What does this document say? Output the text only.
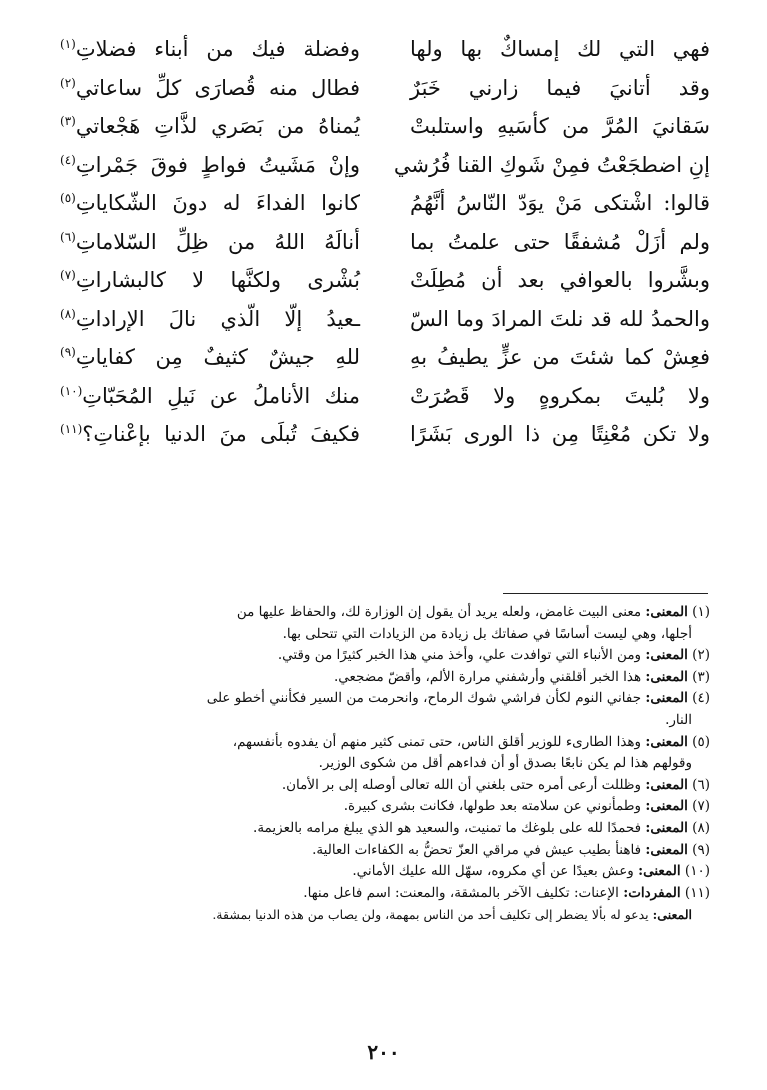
فهي التي لك إمساكٌ بها ولها
وفضلة فيك من أبناء فضلاتِ$^{(١)}$
وقد أتانيَ فيما زارني خَبَرٌ
فطال منه قُصارَى كلِّ ساعاتي$^{(٢)}$
سَقانيَ المُرَّ من كأسَيهِ واستلبتْ
يُمناهُ من بَصَري لذَّاتِ هَجْعاتي$^{(٣)}$
إنِ اضطجَعْتُ فمِنْ شَوكِ القنا فُرُشي
وإنْ مَشَيتُ فواطٍ فوقَ جَمْراتِ$^{(٤)}$
قالوا: اشْتكى مَنْ يوَدّ النّاسُ أنَّهُمُ
كانوا الفداءَ له دونَ الشّكاياتِ$^{(٥)}$
ولم أزَلْ مُشفقًا حتى علمتُ بما
أنالَهُ اللهُ من ظِلِّ السّلاماتِ$^{(٦)}$
وبشَّروا بالعوافي بعد أن مُطِلَتْ
بُشْرى ولكنَّها لا كالبشاراتِ$^{(٧)}$
والحمدُ لله قد نلتَ المرادَ وما السّ
ـعيدُ إلّا الّذي نالَ الإراداتِ$^{(٨)}$
فعِشْ كما شئتَ من عزٍّ يطيفُ بهِ
للهِ جيشٌ كثيفٌ مِن كفاياتِ$^{(٩)}$
ولا بُليتَ بمكروهٍ ولا قَصُرَتْ
منك الأناملُ عن نَيلِ المُحَبّاتِ$^{(١٠)}$
ولا تكن مُعْنِتًا مِن ذا الورى بَشَرًا
فكيفَ تُبلَى منَ الدنيا بإعْناتِ؟$^{(١١)}$

(١) المعنى: معنى البيت غامض، ولعله يريد أن يقول إن الوزارة لك، والحفاظ عليها من
أجلها، وهي ليست أساسًا في صفاتك بل زيادة من الزيادات التي تتحلى بها.

(٢) المعنى: ومن الأنباء التي توافدت علي، وأخذ مني هذا الخبر كثيرًا من وقتي.

(٣) المعنى: هذا الخبر أقلقني وأرشفني مرارة الألم، وأقضّ مضجعي.

(٤) المعنى: جفاني النوم لكأن فراشي شوك الرماح، وانحرمت من السير فكأنني أخطو على
النار.

(٥) المعنى: وهذا الطارىء للوزير أقلق الناس، حتى تمنى كثير منهم أن يفدوه بأنفسهم،
وقولهم هذا لم يكن نابعًا بصدق أو أن فداءهم أقل من شكوى الوزير.

(٦) المعنى: وظللت أرعى أمره حتى بلغني أن الله تعالى أوصله إلى بر الأمان.

(٧) المعنى: وطمأنوني عن سلامته بعد طولها، فكانت بشرى كبيرة.

(٨) المعنى: فحمدًا لله على بلوغك ما تمنيت، والسعيد هو الذي يبلغ مرامه بالعزيمة.

(٩) المعنى: فاهنأ بطيب عيش في مراقي العزّ تحضُّ به الكفاءات العالية.

(١٠) المعنى: وعش بعيدًا عن أي مكروه، سهّل الله عليك الأماني.

(١١) المفردات: الإعنات: تكليف الآخر بالمشقة، والمعنت: اسم فاعل منها.

المعنى: يدعو له بألا يضطر إلى تكليف أحد من الناس بمهمة، ولن يصاب من هذه الدنيا بمشقة.

٢٠٠
